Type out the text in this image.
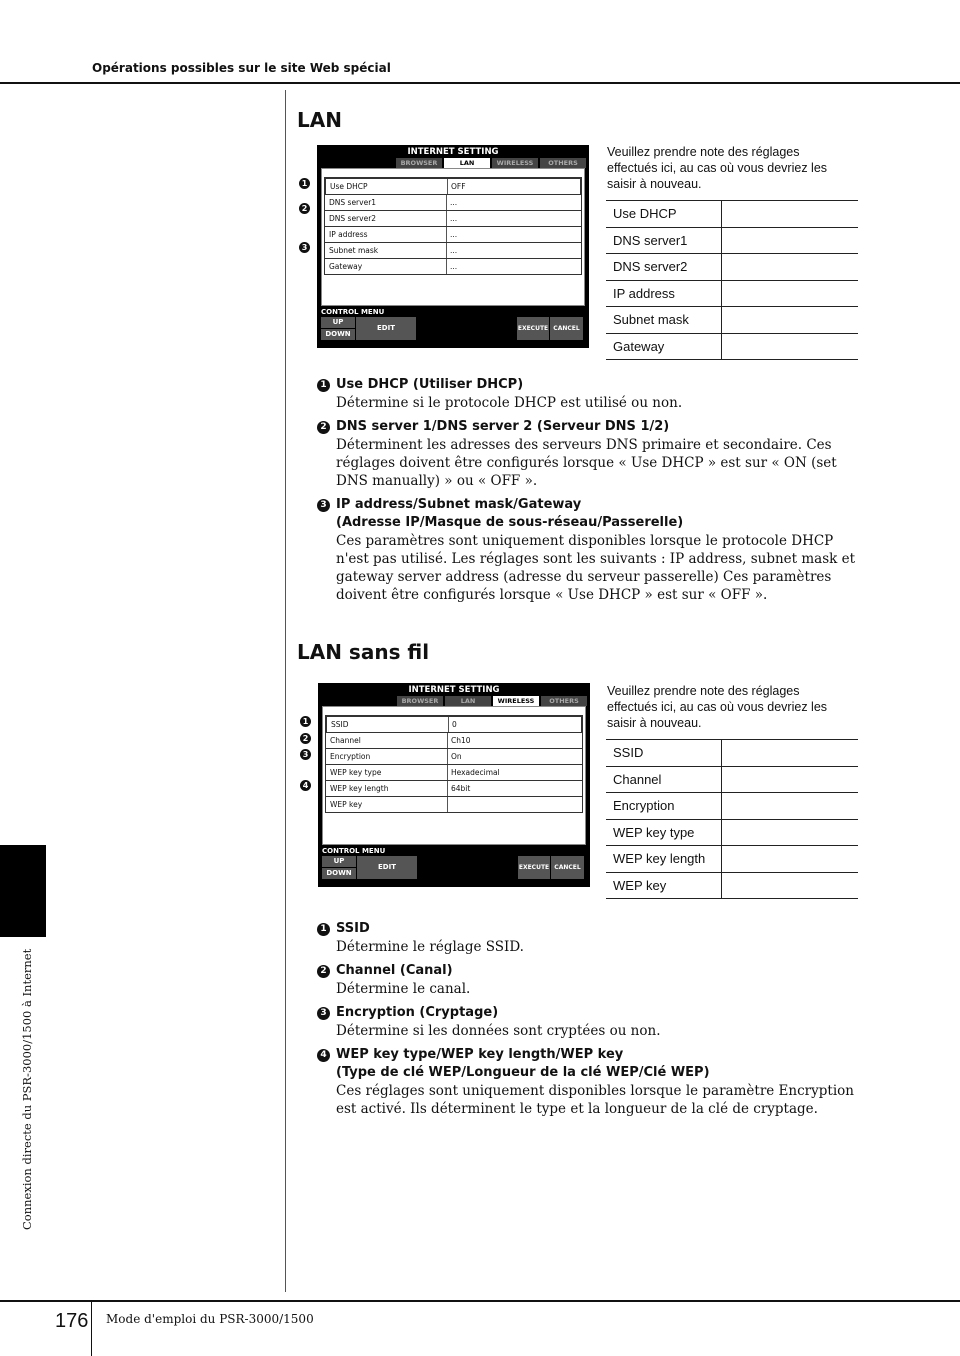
Opérations possibles sur le site Web spécial
LAN
INTERNET SETTING
BROWSER	LAN	WIRELESS	OTHERS
Use DHCP	OFF
DNS server1	...
DNS server2	...
IP address	...
Subnet mask	...
Gateway	...
CONTROL MENU
UP
DOWN
EDIT	EXECUTE CANCEL
1
2
3
Veuillez prendre note des réglages effectués ici, au cas où vous devriez les saisir à nouveau.
Use DHCP	
DNS server1	
DNS server2	
IP address	
Subnet mask	
Gateway	
1 Use DHCP (Utiliser DHCP)
Détermine si le protocole DHCP est utilisé ou non.
2 DNS server 1/DNS server 2 (Serveur DNS 1/2)
Déterminent les adresses des serveurs DNS primaire et secondaire. Ces réglages doivent être configurés lorsque « Use DHCP » est sur « ON (set DNS manually) » ou « OFF ».
3 IP address/Subnet mask/Gateway
(Adresse IP/Masque de sous-réseau/Passerelle)
Ces paramètres sont uniquement disponibles lorsque le protocole DHCP n'est pas utilisé. Les réglages sont les suivants : IP address, subnet mask et gateway server address (adresse du serveur passerelle) Ces paramètres doivent être configurés lorsque « Use DHCP » est sur « OFF ».
LAN sans fil
INTERNET SETTING
BROWSER	LAN	WIRELESS	OTHERS
SSID	0
Channel	Ch10
Encryption	On
WEP key type	Hexadecimal
WEP key length	64bit
WEP key
CONTROL MENU
UP
DOWN
EDIT	EXECUTE CANCEL
1
2
3
4
Veuillez prendre note des réglages effectués ici, au cas où vous devriez les saisir à nouveau.
SSID	
Channel	
Encryption	
WEP key type	
WEP key length	
WEP key	
1 SSID
Détermine le réglage SSID.
2 Channel (Canal)
Détermine le canal.
3 Encryption (Cryptage)
Détermine si les données sont cryptées ou non.
4 WEP key type/WEP key length/WEP key
(Type de clé WEP/Longueur de la clé WEP/Clé WEP)
Ces réglages sont uniquement disponibles lorsque le paramètre Encryption est activé. Ils déterminent le type et la longueur de la clé de cryptage.
Connexion directe du PSR-3000/1500 à Internet
176 Mode d'emploi du PSR-3000/1500
